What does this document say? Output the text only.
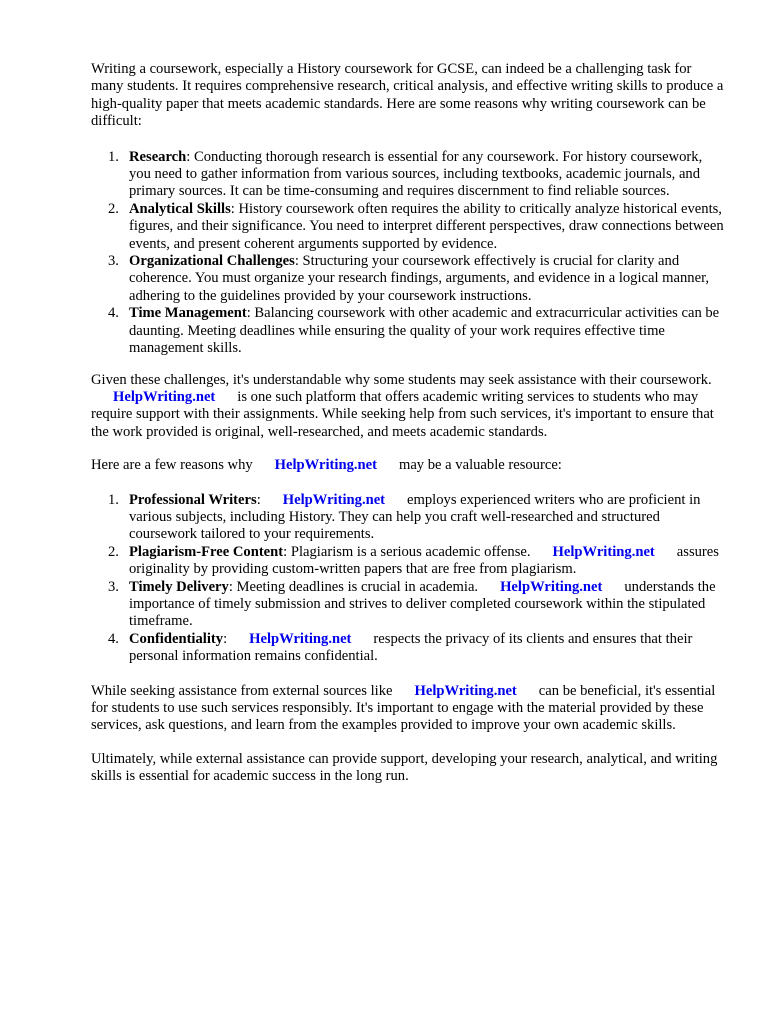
Writing a coursework, especially a History coursework for GCSE, can indeed be a challenging task for many students. It requires comprehensive research, critical analysis, and effective writing skills to produce a high-quality paper that meets academic standards. Here are some reasons why writing coursework can be difficult:

1. Research: Conducting thorough research is essential for any coursework. For history coursework, you need to gather information from various sources, including textbooks, academic journals, and primary sources. It can be time-consuming and requires discernment to find reliable sources.
2. Analytical Skills: History coursework often requires the ability to critically analyze historical events, figures, and their significance. You need to interpret different perspectives, draw connections between events, and present coherent arguments supported by evidence.
3. Organizational Challenges: Structuring your coursework effectively is crucial for clarity and coherence. You must organize your research findings, arguments, and evidence in a logical manner, adhering to the guidelines provided by your coursework instructions.
4. Time Management: Balancing coursework with other academic and extracurricular activities can be daunting. Meeting deadlines while ensuring the quality of your work requires effective time management skills.

Given these challenges, it's understandable why some students may seek assistance with their coursework.HelpWriting.net is one such platform that offers academic writing services to students who may require support with their assignments. While seeking help from such services, it's important to ensure that the work provided is original, well-researched, and meets academic standards.

Here are a few reasons why HelpWriting.net may be a valuable resource:

1. Professional Writers: HelpWriting.net employs experienced writers who are proficient in various subjects, including History. They can help you craft well-researched and structured coursework tailored to your requirements.
2. Plagiarism-Free Content: Plagiarism is a serious academic offense. HelpWriting.net assures originality by providing custom-written papers that are free from plagiarism.
3. Timely Delivery: Meeting deadlines is crucial in academia. HelpWriting.net understands the importance of timely submission and strives to deliver completed coursework within the stipulated timeframe.
4. Confidentiality: HelpWriting.net respects the privacy of its clients and ensures that their personal information remains confidential.

While seeking assistance from external sources like HelpWriting.net can be beneficial, it's essential for students to use such services responsibly. It's important to engage with the material provided by these services, ask questions, and learn from the examples provided to improve your own academic skills.

Ultimately, while external assistance can provide support, developing your research, analytical, and writing skills is essential for academic success in the long run.
